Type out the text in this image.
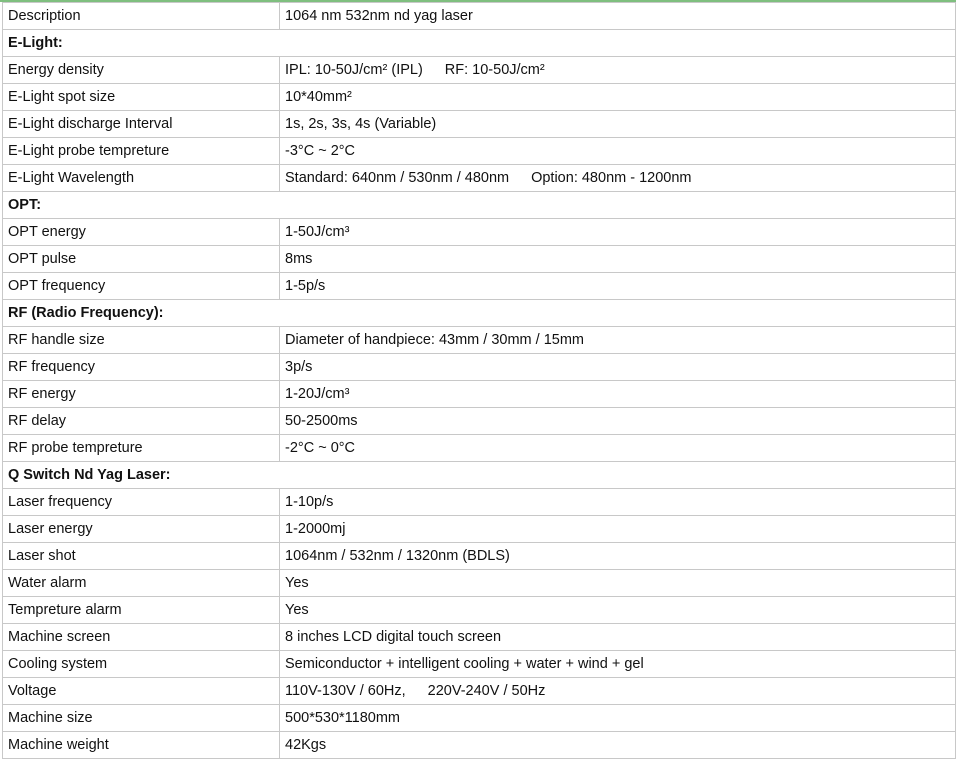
Description	1064 nm 532nm nd yag laser
E-Light:	
Energy density	IPL: 10-50J/cm² (IPL) RF: 10-50J/cm²
E-Light spot size	10*40mm²
E-Light discharge Interval	1s, 2s, 3s, 4s (Variable)
E-Light probe tempreture	-3°C ~ 2°C
E-Light Wavelength	Standard: 640nm / 530nm / 480nm Option: 480nm - 1200nm
OPT:	
OPT energy	1-50J/cm³
OPT pulse	8ms
OPT frequency	1-5p/s
RF (Radio Frequency):	
RF handle size	Diameter of handpiece: 43mm / 30mm / 15mm
RF frequency	3p/s
RF energy	1-20J/cm³
RF delay	50-2500ms
RF probe tempreture	-2°C ~ 0°C
Q Switch Nd Yag Laser:	
Laser frequency	1-10p/s
Laser energy	1-2000mj
Laser shot	1064nm / 532nm / 1320nm (BDLS)
Water alarm	Yes
Tempreture alarm	Yes
Machine screen	8 inches LCD digital touch screen
Cooling system	Semiconductor + intelligent cooling + water + wind + gel
Voltage	110V-130V / 60Hz, 220V-240V / 50Hz
Machine size	500*530*1180mm
Machine weight	42Kgs
